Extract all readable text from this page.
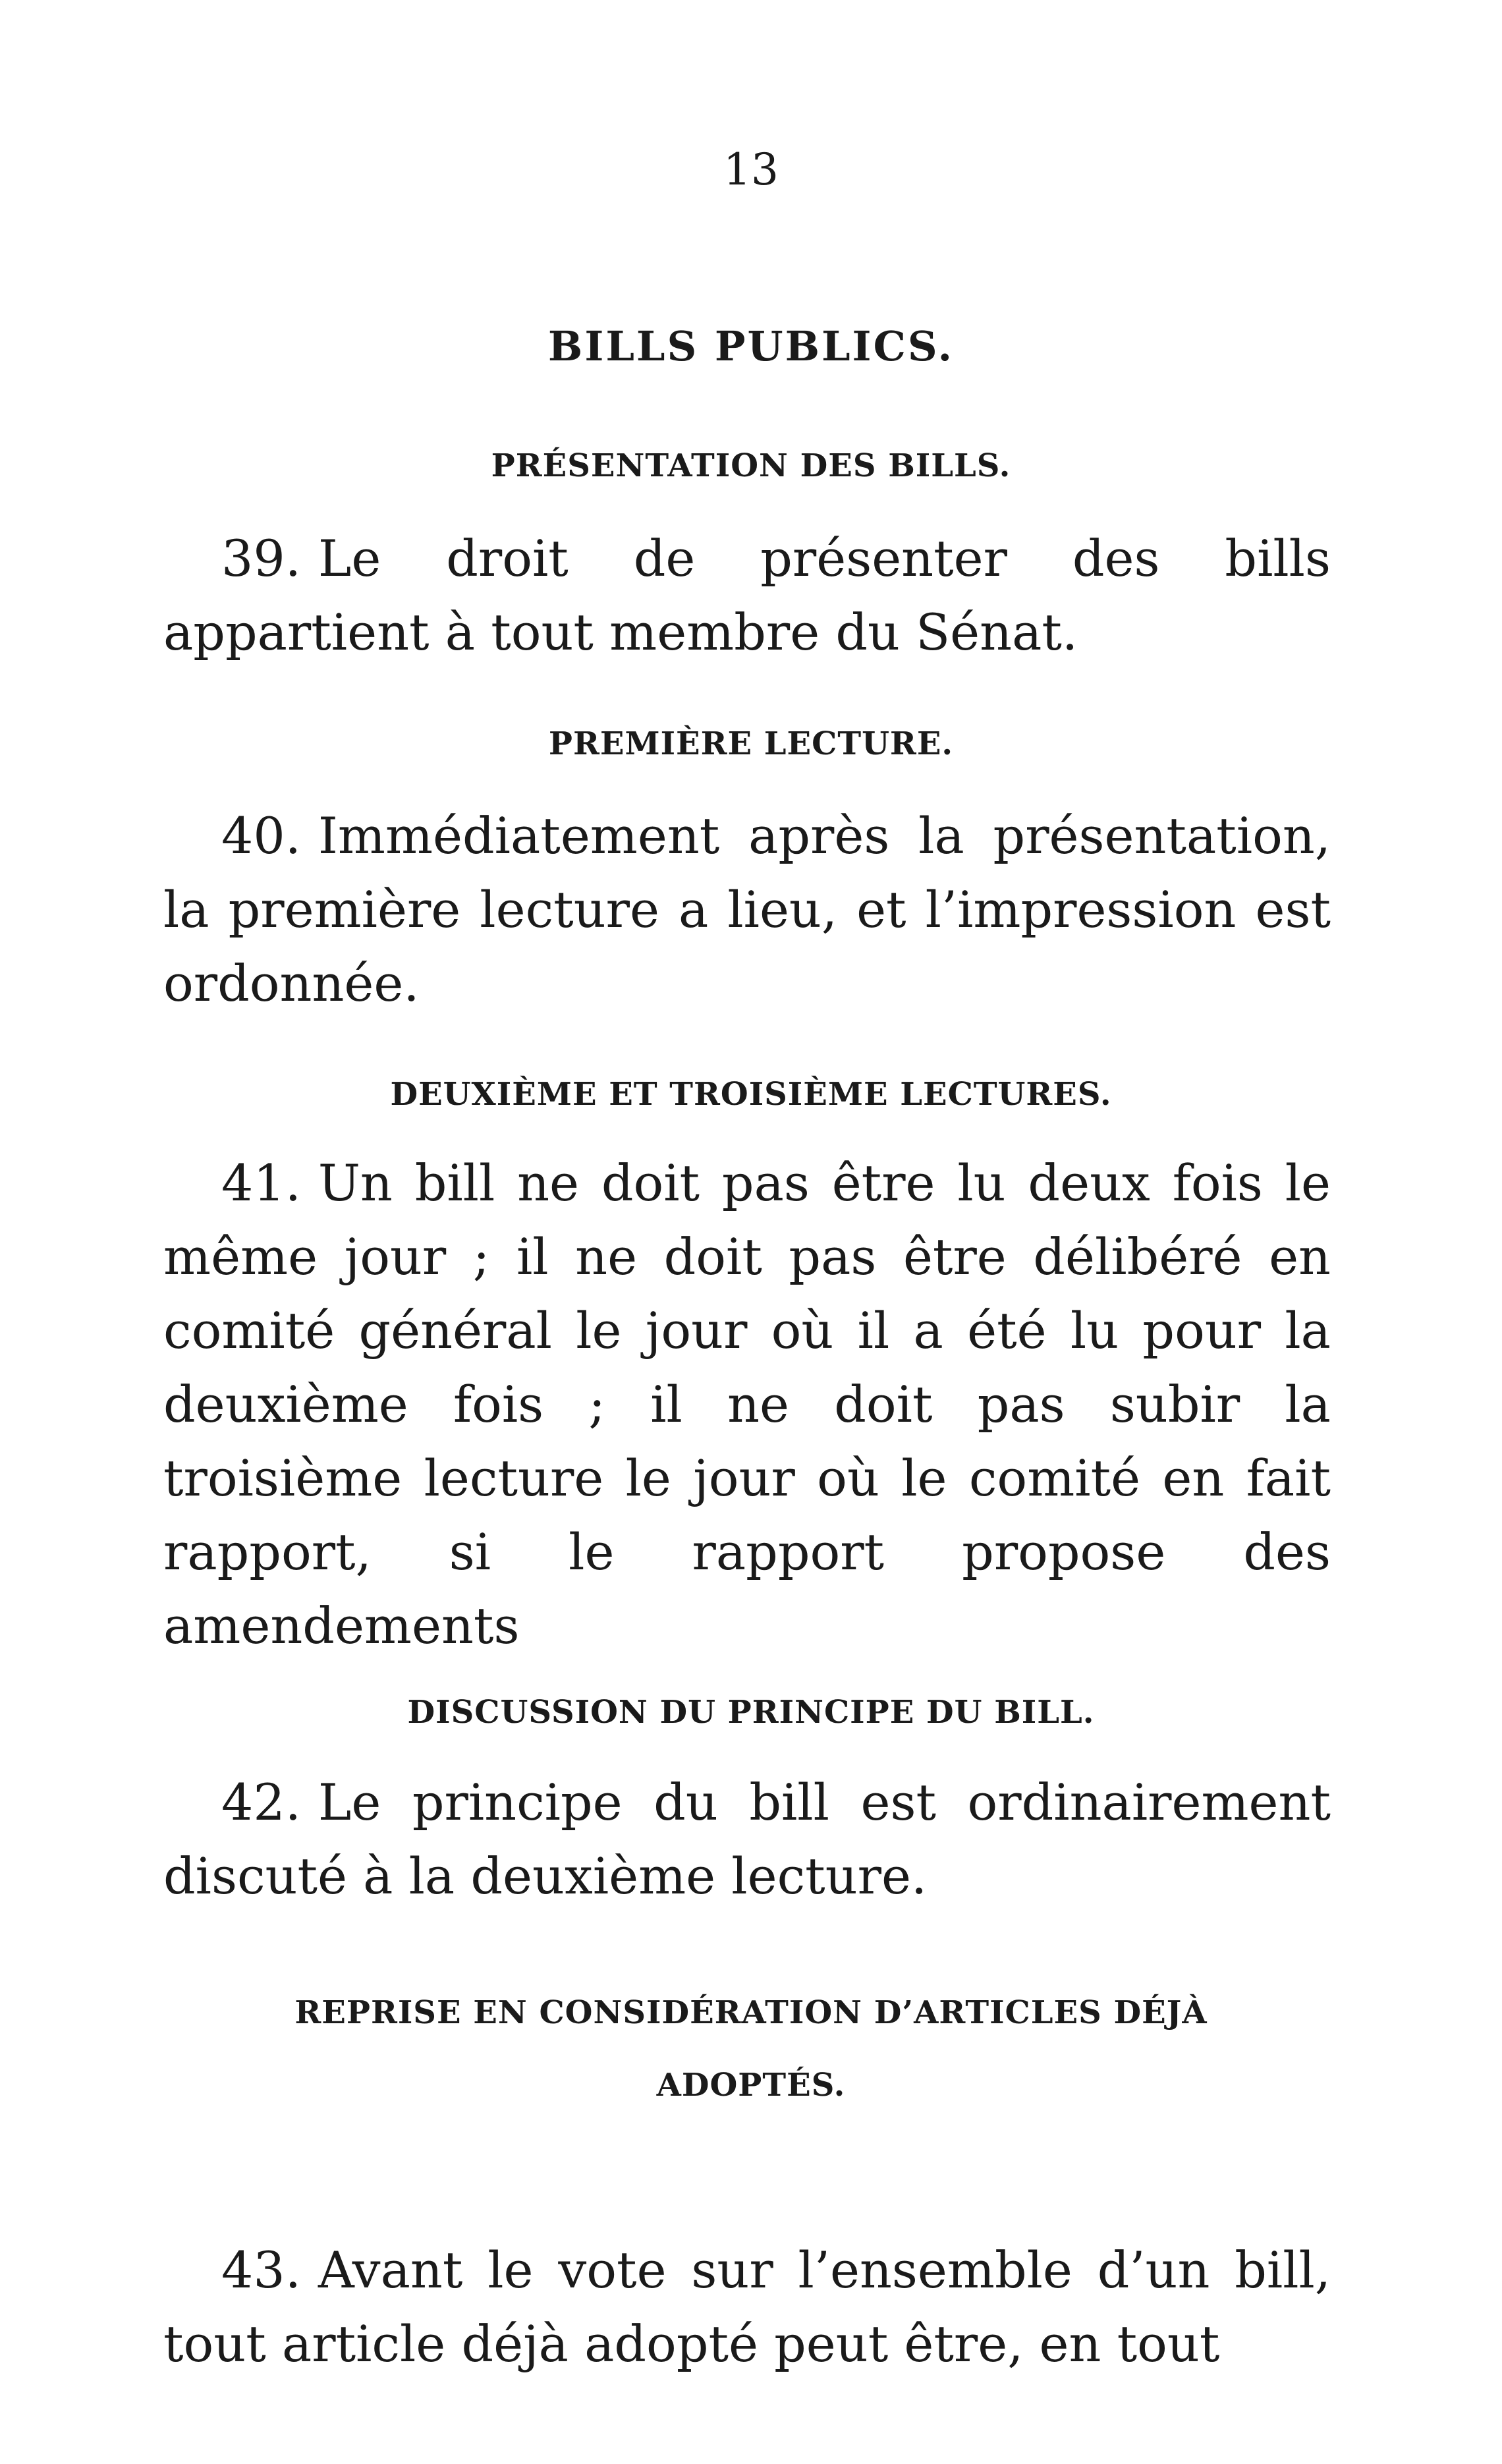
13
BILLS PUBLICS.
PRÉSENTATION DES BILLS.
39. Le droit de présenter des bills appartient à tout membre du Sénat.
PREMIÈRE LECTURE.
40. Immédiatement après la présentation, la première lecture a lieu, et l’impression est ordonnée.
DEUXIÈME ET TROISIÈME LECTURES.
41. Un bill ne doit pas être lu deux fois le même jour ; il ne doit pas être délibéré en comité général le jour où il a été lu pour la deuxième fois ; il ne doit pas subir la troisième lecture le jour où le comité en fait rapport, si le rapport propose des amendements
DISCUSSION DU PRINCIPE DU BILL.
42. Le principe du bill est ordinairement discuté à la deuxième lecture.
REPRISE EN CONSIDÉRATION D’ARTICLES DÉJÀ ADOPTÉS.
43. Avant le vote sur l’ensemble d’un bill, tout article déjà adopté peut être, en tout
